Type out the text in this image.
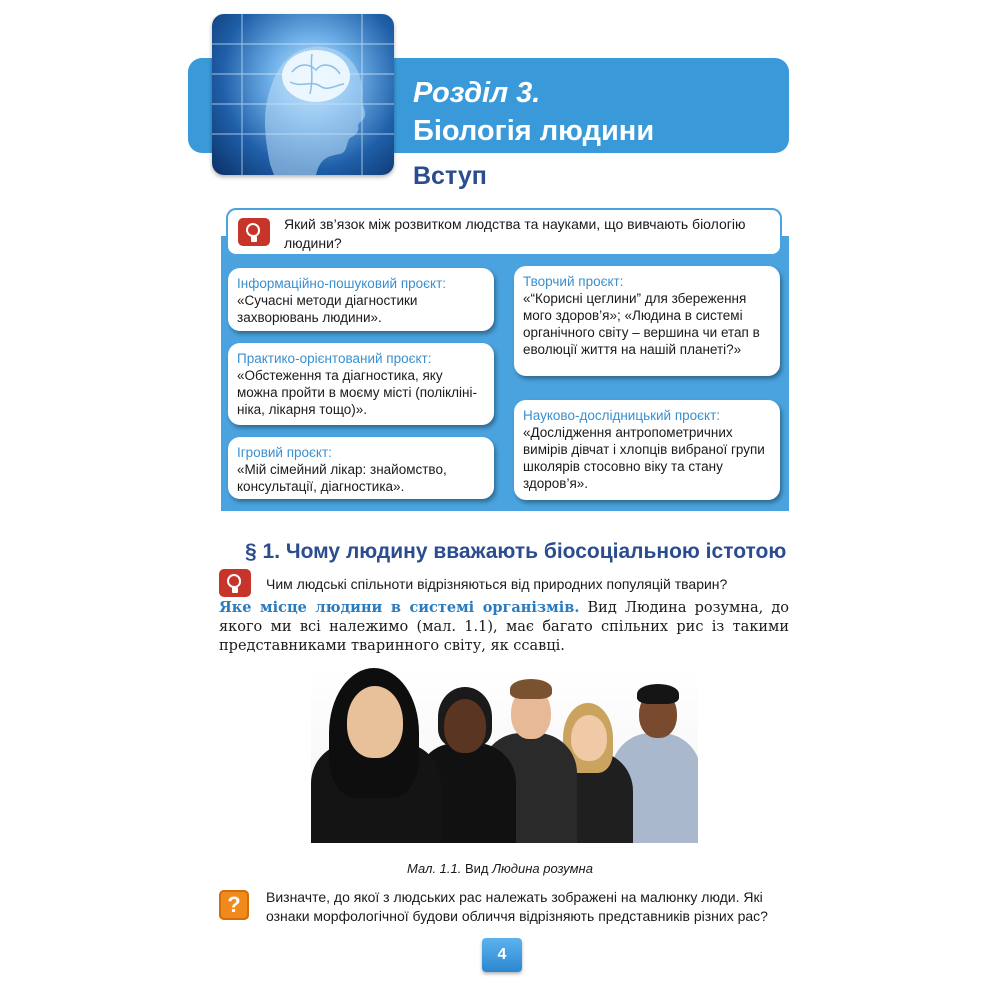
Розділ 3.
Біологія людини
Вступ
Який зв’язок між розвитком людства та науками, що вивчають біологію людини?
Інформаційно-пошуковий проєкт:
«Сучасні методи діагностики захворювань людини».
Практико-орієнтований проєкт:
«Обстеження та діагностика, яку можна пройти в моєму місті (полікліні-ніка, лікарня тощо)».
Ігровий проєкт:
«Мій сімейний лікар: знайомство, консультації, діагностика».
Творчий проєкт:
«“Корисні цеглини” для збереження мого здоров’я»; «Людина в системі органічного світу – вершина чи етап в еволюції життя на нашій планеті?»
Науково-дослідницький проєкт:
«Дослідження антропометричних вимірів дівчат і хлопців вибраної групи школярів стосовно віку та стану здоров’я».
§ 1. Чому людину вважають біосоціальною істотою
Чим людські спільноти відрізняються від природних популяцій тварин?
Яке місце людини в системі організмів. Вид Людина розумна, до якого ми всі належимо (мал. 1.1), має багато спільних рис із такими представниками тваринного світу, як ссавці.
Мал. 1.1. Вид Людина розумна
?	Визначте, до якої з людських рас належать зображені на малюнку люди. Які ознаки морфологічної будови обличчя відрізняють представників різних рас?
4
